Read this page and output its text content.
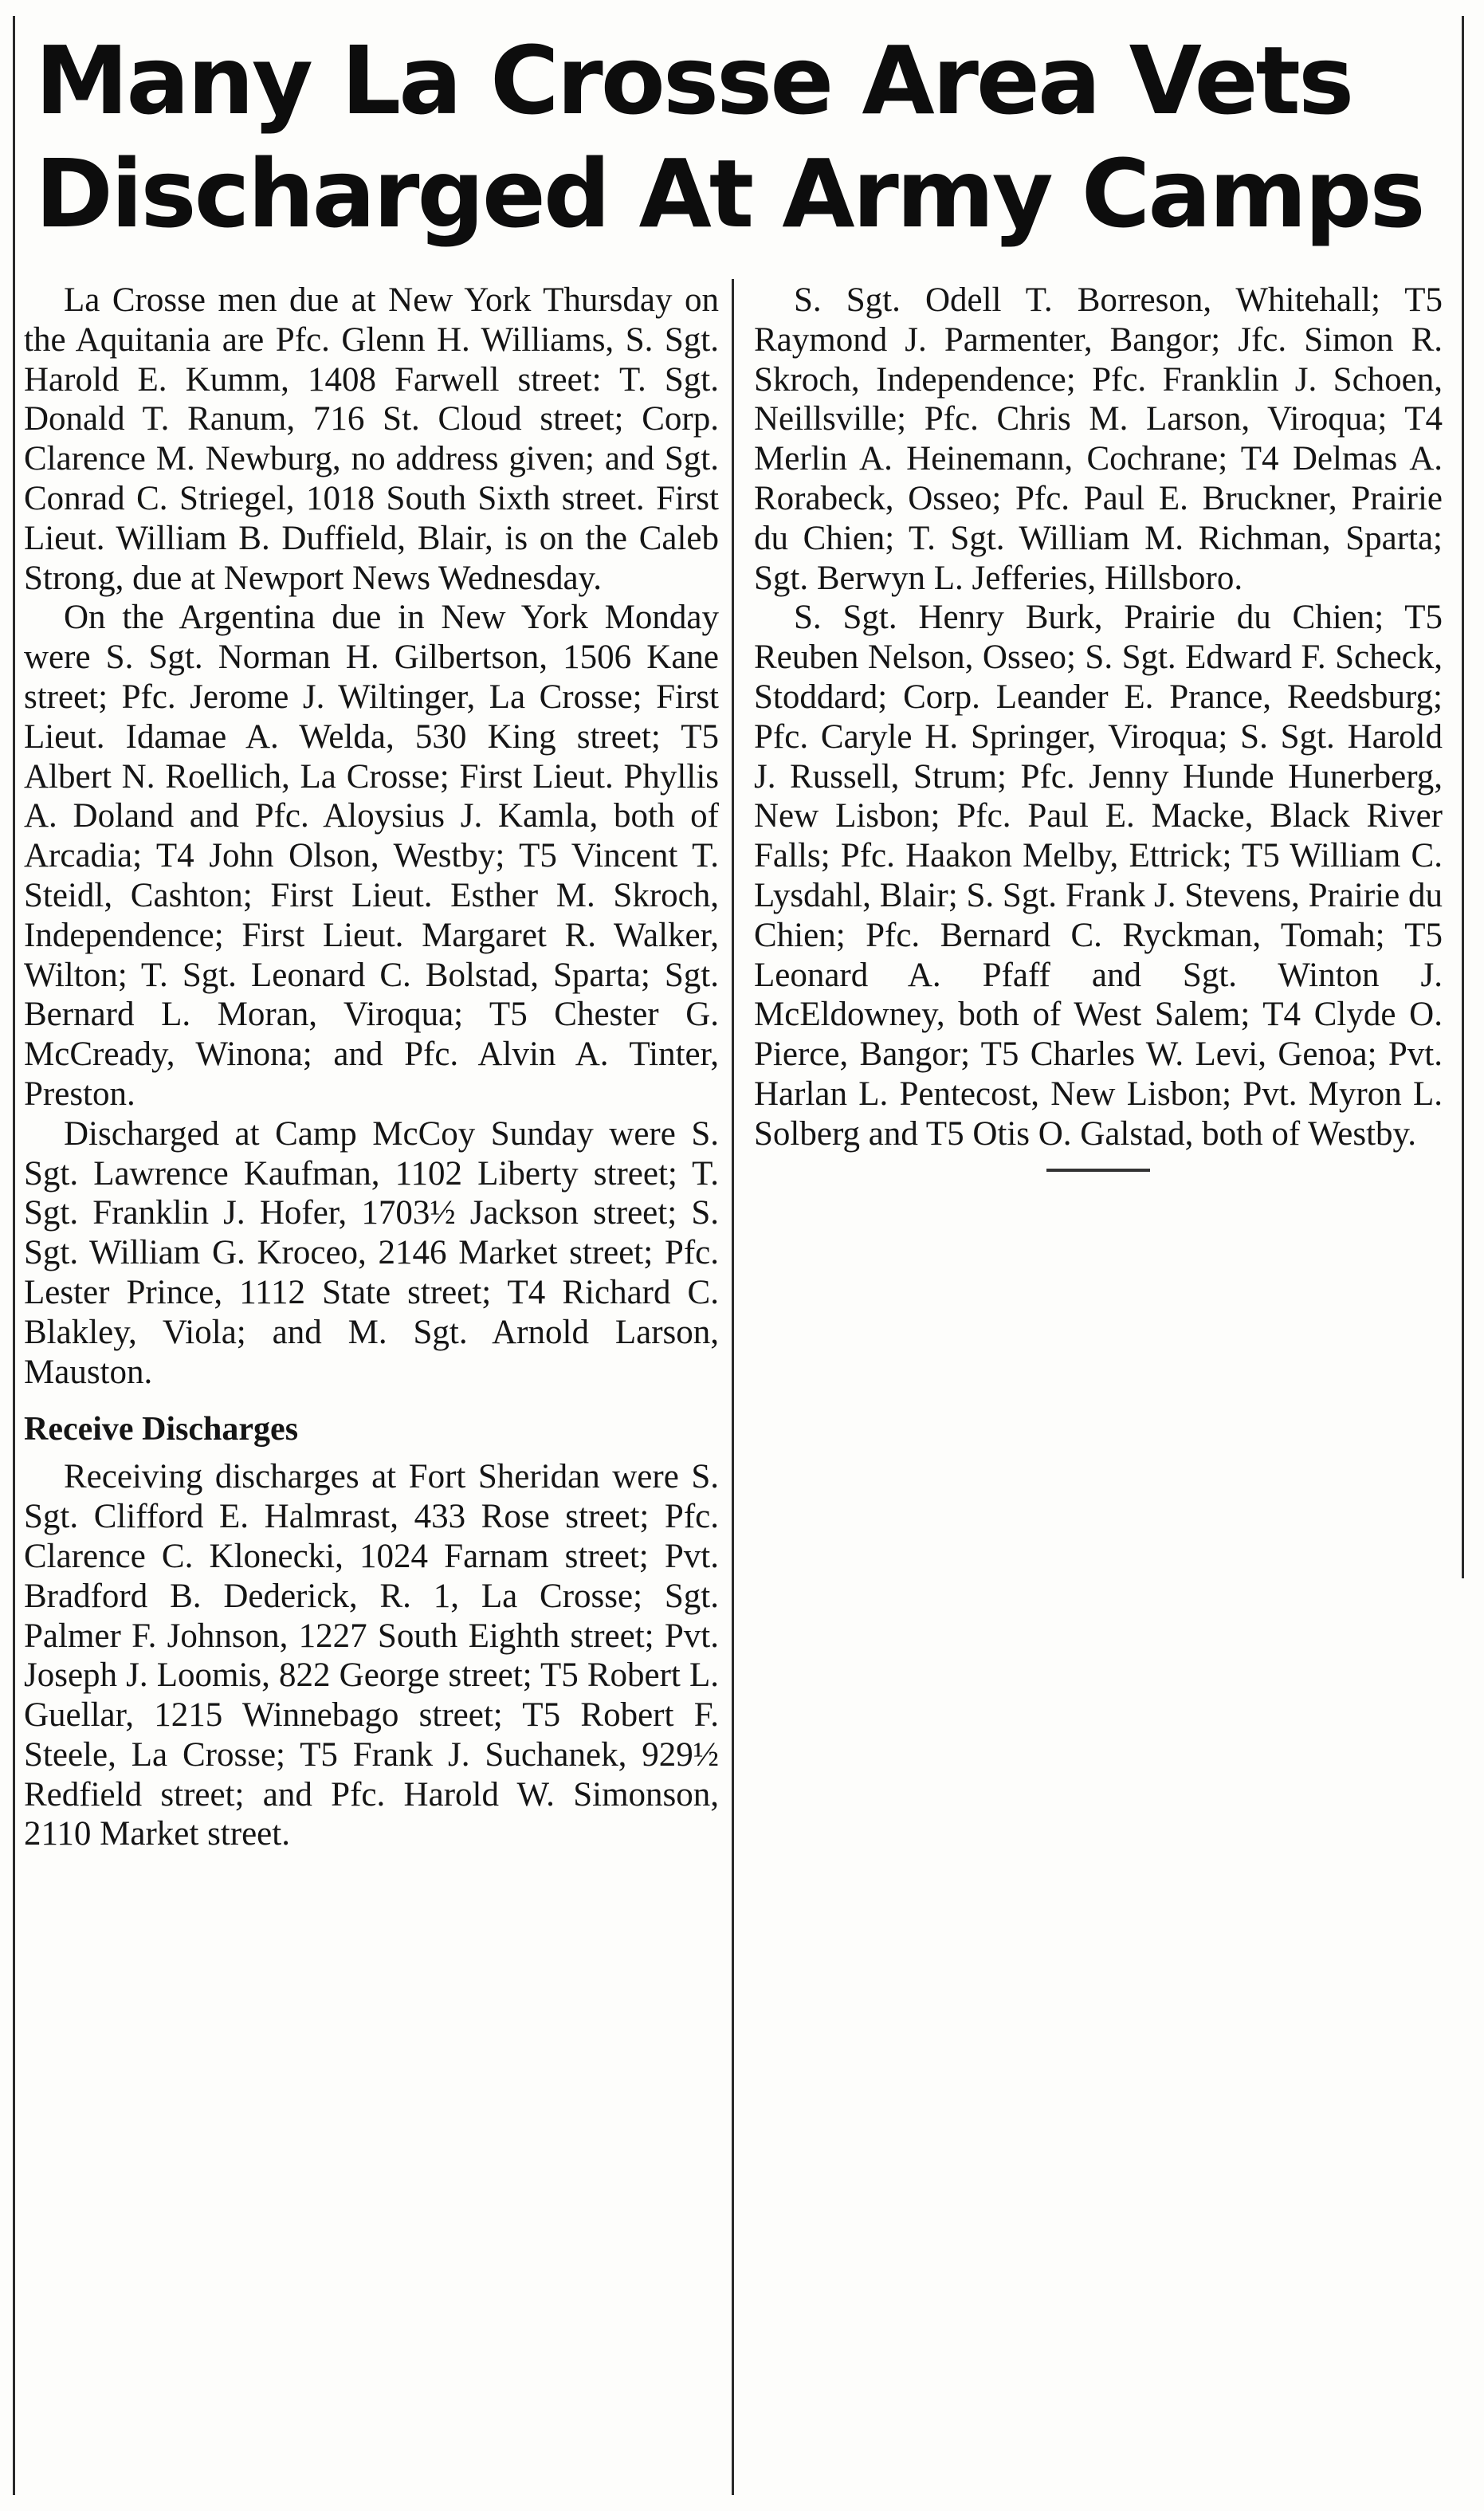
Many La Crosse Area Vets
Discharged At Army Camps

La Crosse men due at New York Thursday on the Aquitania are Pfc. Glenn H. Williams, S. Sgt. Harold E. Kumm, 1408 Farwell street: T. Sgt. Donald T. Ranum, 716 St. Cloud street; Corp. Clarence M. Newburg, no address given; and Sgt. Conrad C. Striegel, 1018 South Sixth street. First Lieut. William B. Duffield, Blair, is on the Caleb Strong, due at Newport News Wednesday.

On the Argentina due in New York Monday were S. Sgt. Norman H. Gilbertson, 1506 Kane street; Pfc. Jerome J. Wiltinger, La Crosse; First Lieut. Idamae A. Welda, 530 King street; T5 Albert N. Roellich, La Crosse; First Lieut. Phyllis A. Doland and Pfc. Aloysius J. Kamla, both of Arcadia; T4 John Olson, Westby; T5 Vincent T. Steidl, Cashton; First Lieut. Esther M. Skroch, Independence; First Lieut. Margaret R. Walker, Wilton; T. Sgt. Leonard C. Bolstad, Sparta; Sgt. Bernard L. Moran, Viroqua; T5 Chester G. McCready, Winona; and Pfc. Alvin A. Tinter, Preston.

Discharged at Camp McCoy Sunday were S. Sgt. Lawrence Kaufman, 1102 Liberty street; T. Sgt. Franklin J. Hofer, 1703½ Jackson street; S. Sgt. William G. Kroceo, 2146 Market street; Pfc. Lester Prince, 1112 State street; T4 Richard C. Blakley, Viola; and M. Sgt. Arnold Larson, Mauston.

Receive Discharges

Receiving discharges at Fort Sheridan were S. Sgt. Clifford E. Halmrast, 433 Rose street; Pfc. Clarence C. Klonecki, 1024 Farnam street; Pvt. Bradford B. Dederick, R. 1, La Crosse; Sgt. Palmer F. Johnson, 1227 South Eighth street; Pvt. Joseph J. Loomis, 822 George street; T5 Robert L. Guellar, 1215 Winnebago street; T5 Robert F. Steele, La Crosse; T5 Frank J. Suchanek, 929½ Redfield street; and Pfc. Harold W. Simonson, 2110 Market street.

S. Sgt. Odell T. Borreson, Whitehall; T5 Raymond J. Parmenter, Bangor; Jfc. Simon R. Skroch, Independence; Pfc. Franklin J. Schoen, Neillsville; Pfc. Chris M. Larson, Viroqua; T4 Merlin A. Heinemann, Cochrane; T4 Delmas A. Rorabeck, Osseo; Pfc. Paul E. Bruckner, Prairie du Chien; T. Sgt. William M. Richman, Sparta; Sgt. Berwyn L. Jefferies, Hillsboro.

S. Sgt. Henry Burk, Prairie du Chien; T5 Reuben Nelson, Osseo; S. Sgt. Edward F. Scheck, Stoddard; Corp. Leander E. Prance, Reedsburg; Pfc. Caryle H. Springer, Viroqua; S. Sgt. Harold J. Russell, Strum; Pfc. Jenny Hunde Hunerberg, New Lisbon; Pfc. Paul E. Macke, Black River Falls; Pfc. Haakon Melby, Ettrick; T5 William C. Lysdahl, Blair; S. Sgt. Frank J. Stevens, Prairie du Chien; Pfc. Bernard C. Ryckman, Tomah; T5 Leonard A. Pfaff and Sgt. Winton J. McEldowney, both of West Salem; T4 Clyde O. Pierce, Bangor; T5 Charles W. Levi, Genoa; Pvt. Harlan L. Pentecost, New Lisbon; Pvt. Myron L. Solberg and T5 Otis O. Galstad, both of Westby.
